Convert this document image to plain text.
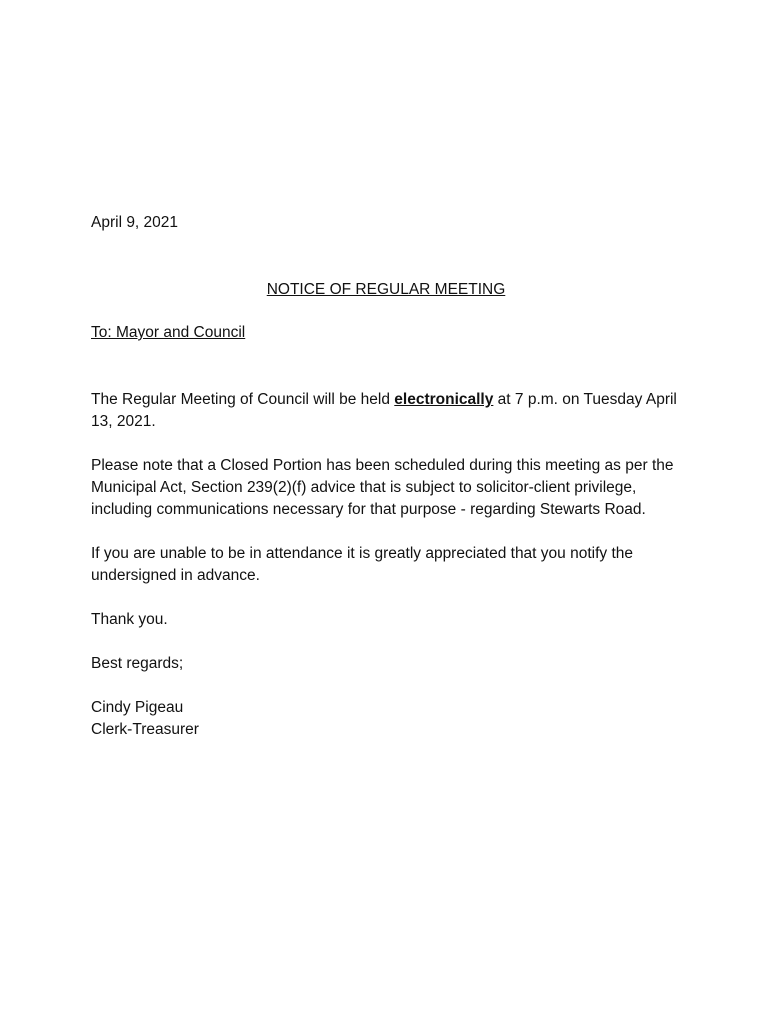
April 9, 2021

NOTICE OF REGULAR MEETING

To: Mayor and Council

The Regular Meeting of Council will be held electronically at 7 p.m. on Tuesday April 13, 2021.

Please note that a Closed Portion has been scheduled during this meeting as per the Municipal Act, Section 239(2)(f) advice that is subject to solicitor-client privilege, including communications necessary for that purpose - regarding Stewarts Road.

If you are unable to be in attendance it is greatly appreciated that you notify the undersigned in advance.

Thank you.

Best regards;

Cindy Pigeau

Clerk-Treasurer
